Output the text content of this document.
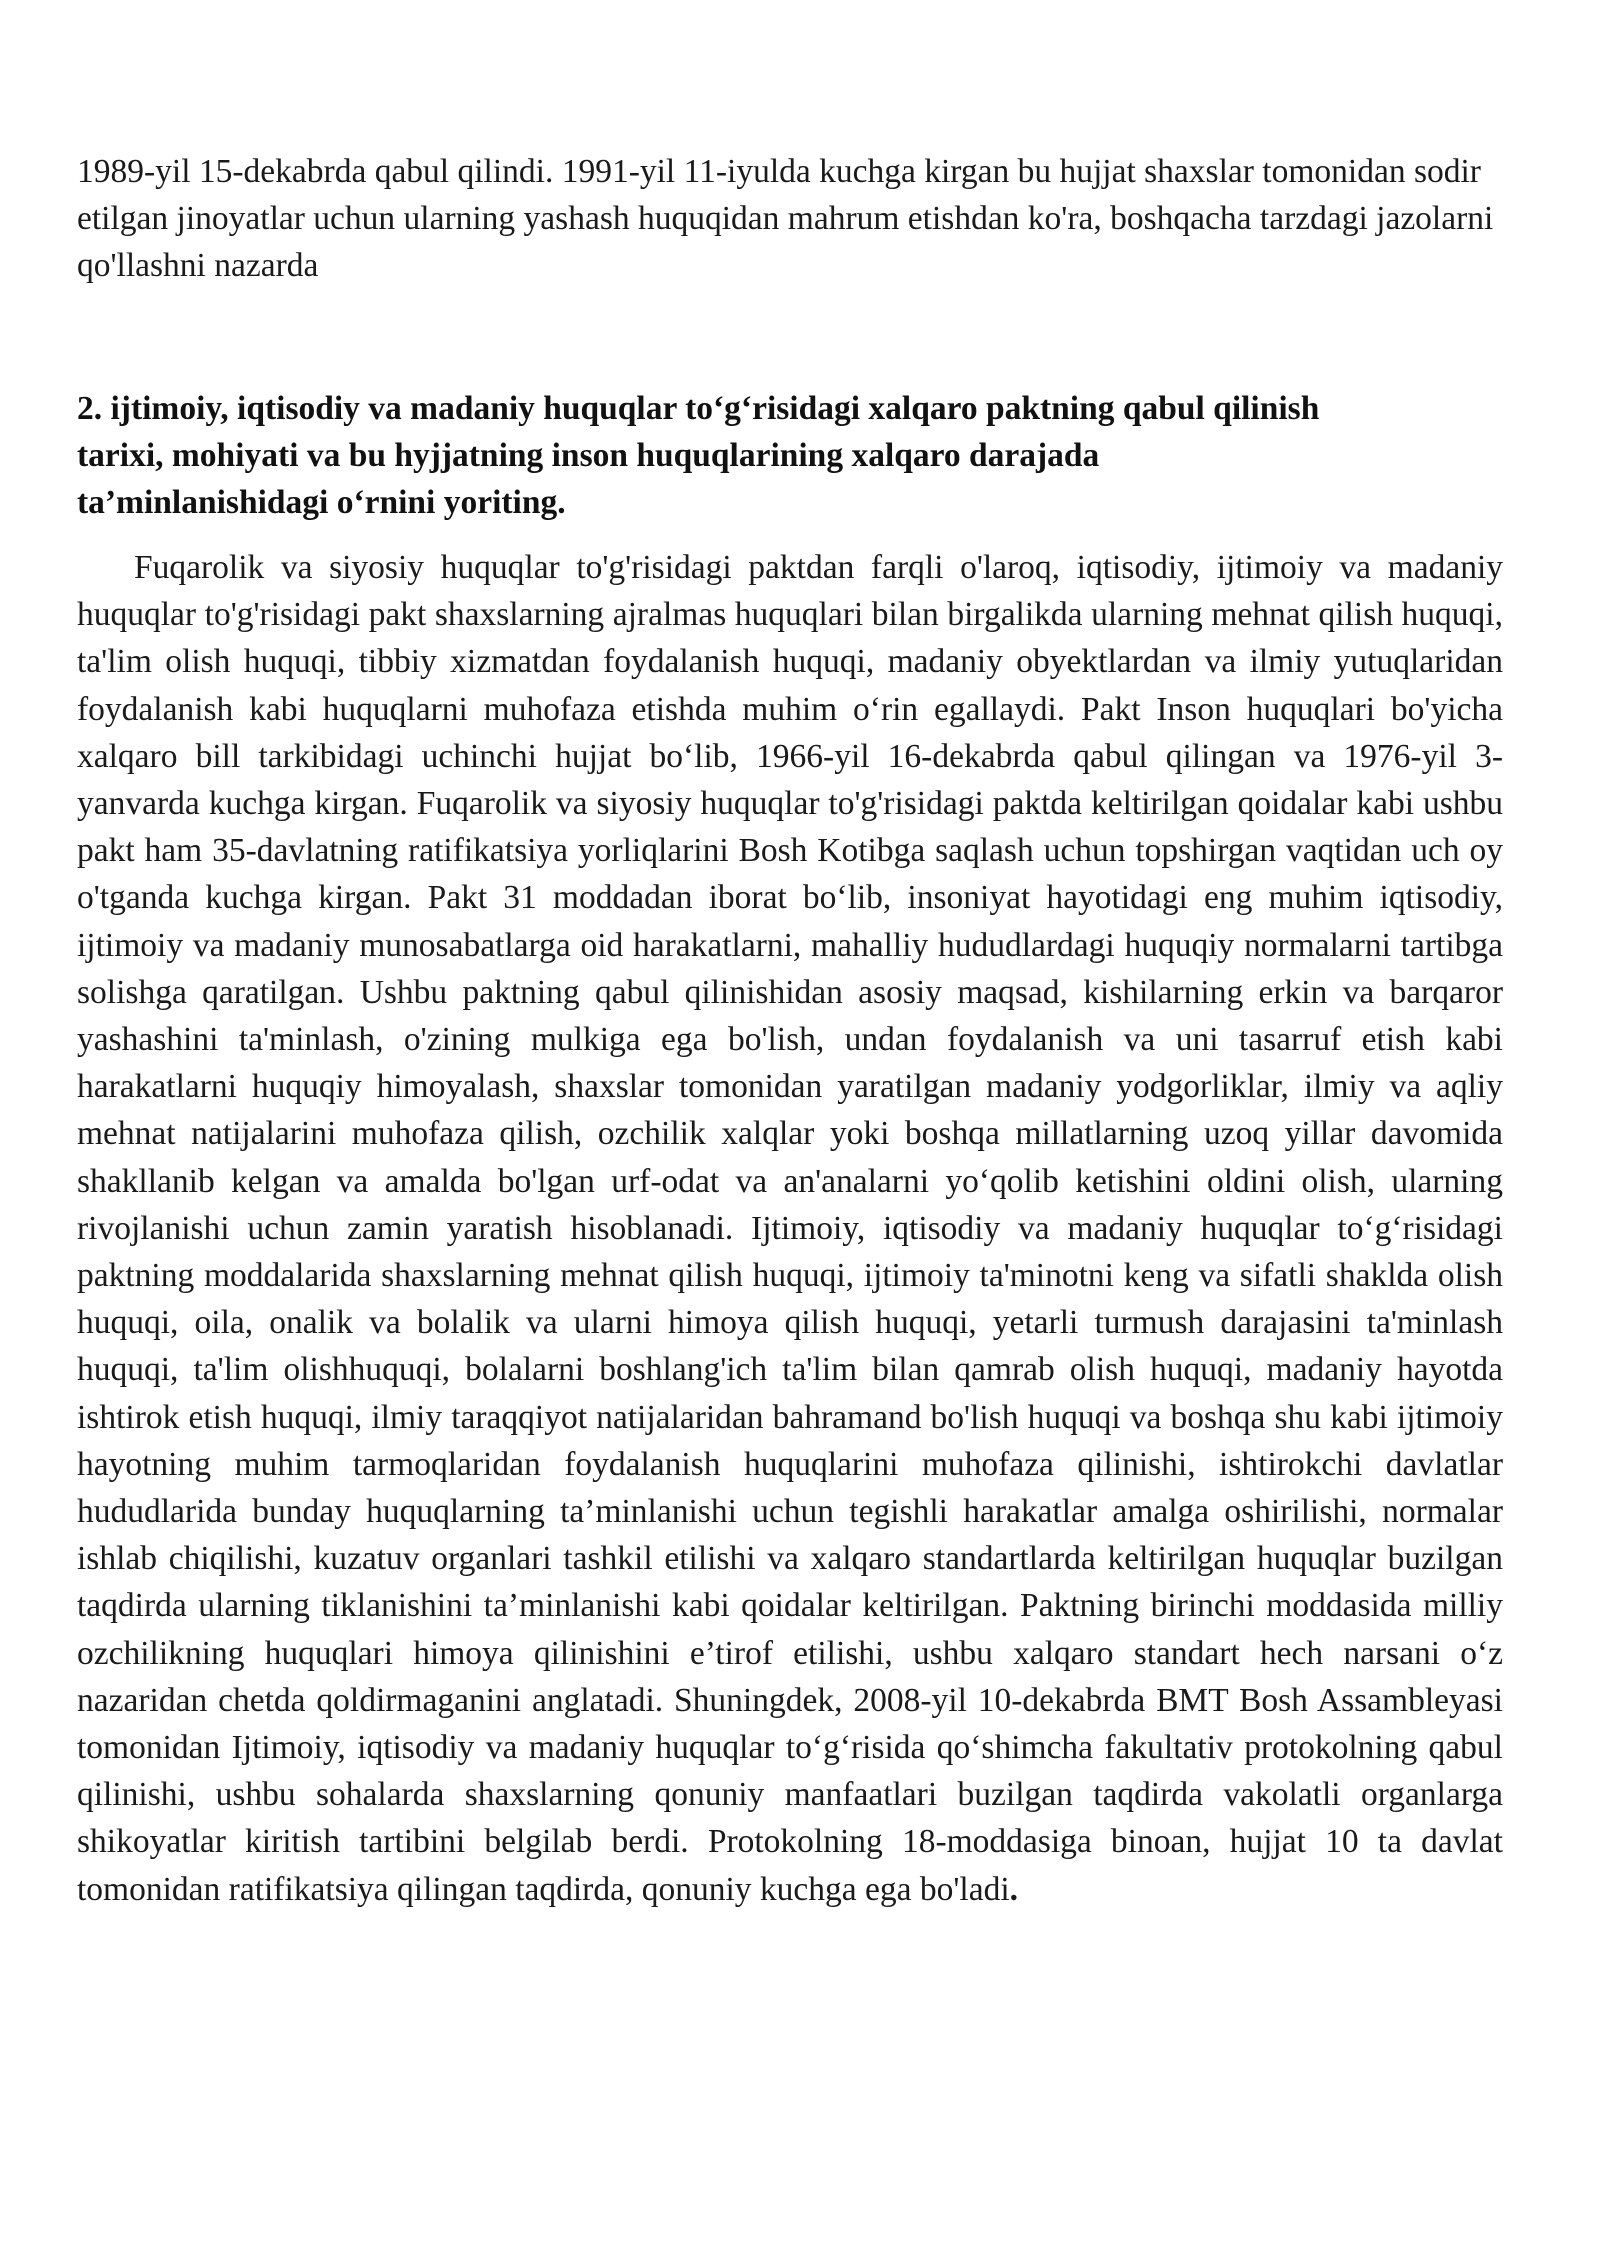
1989-yil 15-dekabrda qabul qilindi. 1991-yil 11-iyulda kuchga kirgan bu hujjat shaxslar tomonidan sodir etilgan jinoyatlar uchun ularning yashash huquqidan mahrum etishdan ko'ra, boshqacha tarzdagi jazolarni qo'llashni nazarda

2. ijtimoiy, iqtisodiy va madaniy huquqlar to‘g‘risidagi xalqaro paktning qabul qilinish
tarixi, mohiyati va bu hyjjatning inson huquqlarining xalqaro darajada
ta’minlanishidagi o‘rnini yoriting.

Fuqarolik va siyosiy huquqlar to'g'risidagi paktdan farqli o'laroq, iqtisodiy, ijtimoiy va madaniy huquqlar to'g'risidagi pakt shaxslarning ajralmas huquqlari bilan birgalikda ularning mehnat qilish huquqi, ta'lim olish huquqi, tibbiy xizmatdan foydalanish huquqi, madaniy obyektlardan va ilmiy yutuqlaridan foydalanish kabi huquqlarni muhofaza etishda muhim o‘rin egallaydi. Pakt Inson huquqlari bo'yicha xalqaro bill tarkibidagi uchinchi hujjat bo‘lib, 1966-yil 16-dekabrda qabul qilingan va 1976-yil 3-yanvarda kuchga kirgan. Fuqarolik va siyosiy huquqlar to'g'risidagi paktda keltirilgan qoidalar kabi ushbu pakt ham 35-davlatning ratifikatsiya yorliqlarini Bosh Kotibga saqlash uchun topshirgan vaqtidan uch oy o'tganda kuchga kirgan. Pakt 31 moddadan iborat bo‘lib, insoniyat hayotidagi eng muhim iqtisodiy, ijtimoiy va madaniy munosabatlarga oid harakatlarni, mahalliy hududlardagi huquqiy normalarni tartibga solishga qaratilgan. Ushbu paktning qabul qilinishidan asosiy maqsad, kishilarning erkin va barqaror yashashini ta'minlash, o'zining mulkiga ega bo'lish, undan foydalanish va uni tasarruf etish kabi harakatlarni huquqiy himoyalash, shaxslar tomonidan yaratilgan madaniy yodgorliklar, ilmiy va aqliy mehnat natijalarini muhofaza qilish, ozchilik xalqlar yoki boshqa millatlarning uzoq yillar davomida shakllanib kelgan va amalda bo'lgan urf-odat va an'analarni yo‘qolib ketishini oldini olish, ularning rivojlanishi uchun zamin yaratish hisoblanadi. Ijtimoiy, iqtisodiy va madaniy huquqlar to‘g‘risidagi paktning moddalarida shaxslarning mehnat qilish huquqi, ijtimoiy ta'minotni keng va sifatli shaklda olish huquqi, oila, onalik va bolalik va ularni himoya qilish huquqi, yetarli turmush darajasini ta'minlash huquqi, ta'lim olishhuquqi, bolalarni boshlang'ich ta'lim bilan qamrab olish huquqi, madaniy hayotda ishtirok etish huquqi, ilmiy taraqqiyot natijalaridan bahramand bo'lish huquqi va boshqa shu kabi ijtimoiy hayotning muhim tarmoqlaridan foydalanish huquqlarini muhofaza qilinishi, ishtirokchi davlatlar hududlarida bunday huquqlarning ta’minlanishi uchun tegishli harakatlar amalga oshirilishi, normalar ishlab chiqilishi, kuzatuv organlari tashkil etilishi va xalqaro standartlarda keltirilgan huquqlar buzilgan taqdirda ularning tiklanishini ta’minlanishi kabi qoidalar keltirilgan. Paktning birinchi moddasida milliy ozchilikning huquqlari himoya qilinishini e’tirof etilishi, ushbu xalqaro standart hech narsani o‘z nazaridan chetda qoldirmaganini anglatadi. Shuningdek, 2008-yil 10-dekabrda BMT Bosh Assambleyasi tomonidan Ijtimoiy, iqtisodiy va madaniy huquqlar to‘g‘risida qo‘shimcha fakultativ protokolning qabul qilinishi, ushbu sohalarda shaxslarning qonuniy manfaatlari buzilgan taqdirda vakolatli organlarga shikoyatlar kiritish tartibini belgilab berdi. Protokolning 18-moddasiga binoan, hujjat 10 ta davlat tomonidan ratifikatsiya qilingan taqdirda, qonuniy kuchga ega bo'ladi.
